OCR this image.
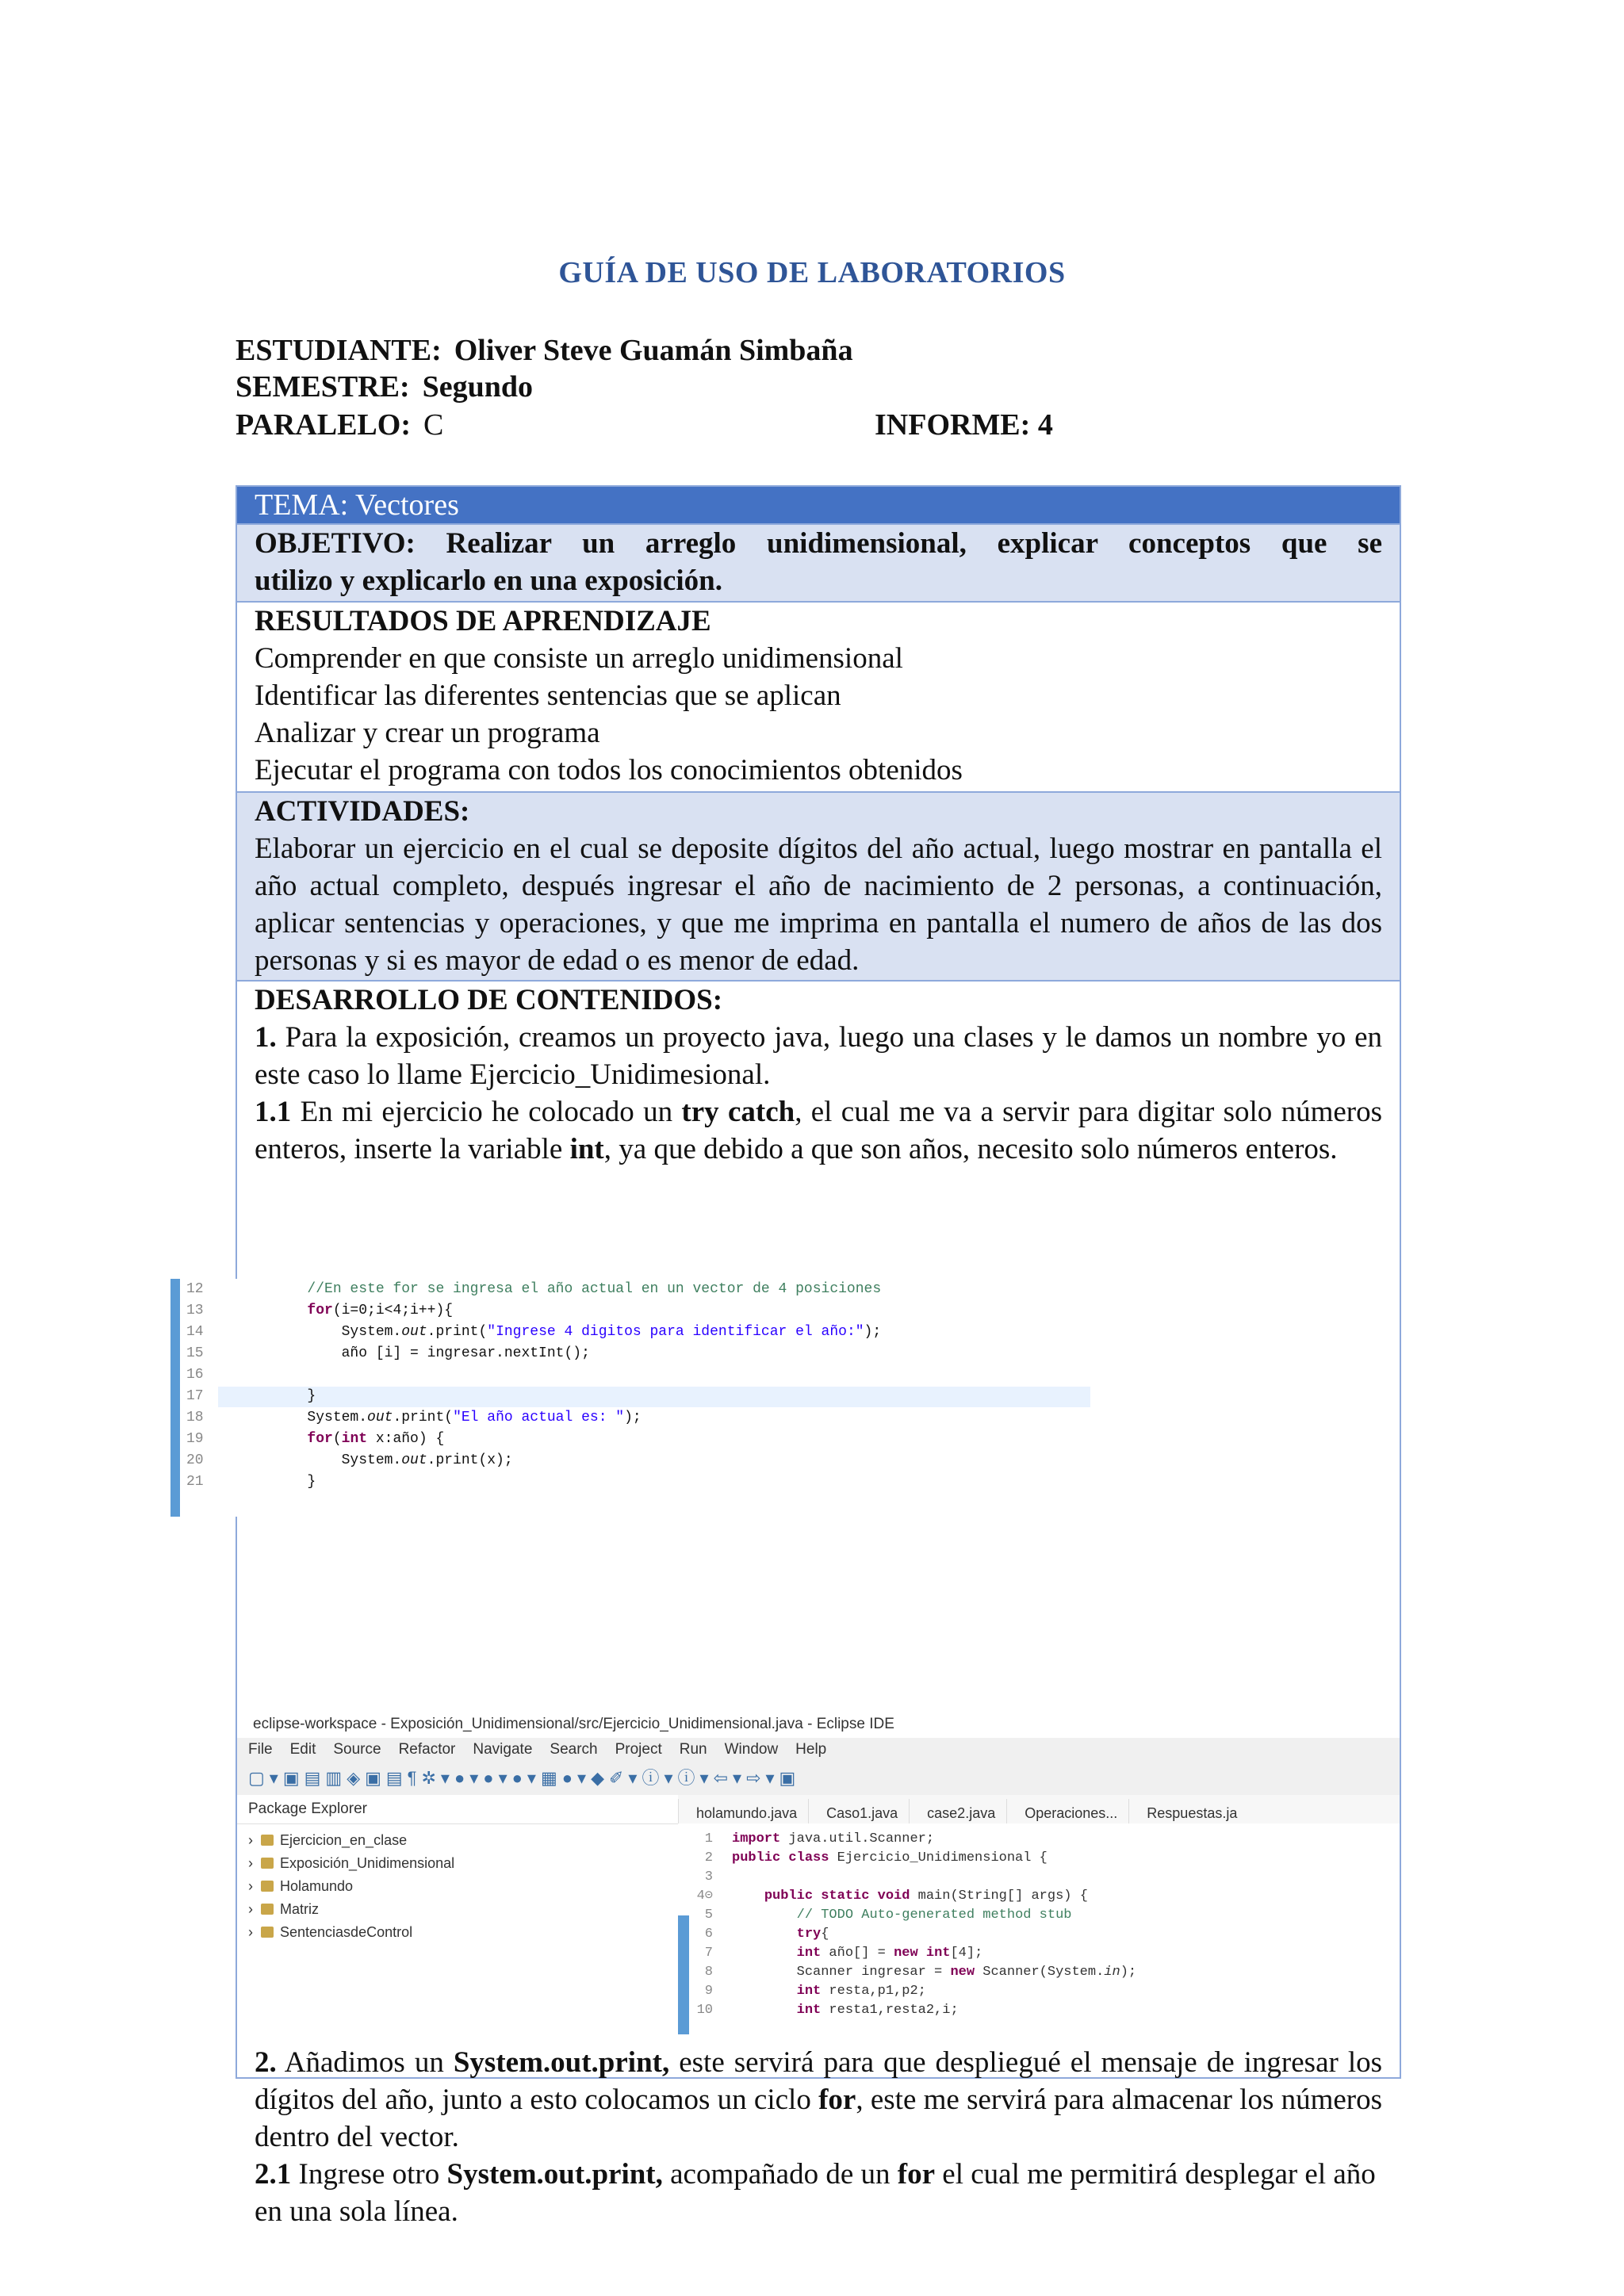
GUÍA DE USO DE LABORATORIOS
ESTUDIANTE: Oliver Steve Guamán Simbaña
SEMESTRE: Segundo
PARALELO: C	INFORME: 4
TEMA: Vectores

OBJETIVO: Realizar un arreglo unidimensional, explicar conceptos que se

utilizo y explicarlo en una exposición.

RESULTADOS DE APRENDIZAJE

Comprender en que consiste un arreglo unidimensional

Identificar las diferentes sentencias que se aplican

Analizar y crear un programa

Ejecutar el programa con todos los conocimientos obtenidos

ACTIVIDADES:

Elaborar un ejercicio en el cual se deposite dígitos del año actual, luego mostrar en pantalla el año actual completo, después ingresar el año de nacimiento de 2 personas, a continuación, aplicar sentencias y operaciones, y que me imprima en pantalla el numero de años de las dos personas y si es mayor de edad o es menor de edad.

DESARROLLO DE CONTENIDOS:

1. Para la exposición, creamos un proyecto java, luego una clases y le damos un nombre yo en este caso lo llame Ejercicio_Unidimesional.

1.1 En mi ejercicio he colocado un try catch, el cual me va a servir para digitar solo números enteros, inserte la variable int, ya que debido a que son años, necesito solo números enteros.

eclipse-workspace - Exposición_Unidimensional/src/Ejercicio_Unidimensional.java - Eclipse IDE
File Edit Source Refactor Navigate Search Project Run Window Help
▢▾▣▤▥◈▣▤¶✲▾●▾●▾●▾▦●▾◆✐▾ⓘ▾ⓘ▾⇦▾⇨▾▣
Package Explorer
› Ejercicion_en_clase
› Exposición_Unidimensional
› Holamundo
› Matriz
› SentenciasdeControl
holamundo.java Caso1.java case2.java Operaciones... Respuestas.ja
1 import java.util.Scanner;
2 public class Ejercicio_Unidimensional {
3
4⊝	public static void main(String[] args) {
5	// TODO Auto-generated method stub
6	try{
7	int año[] = new int[4];
8        Scanner ingresar = new Scanner(System.in);
9	int resta,p1,p2;
10	int resta1,resta2,i;

2. Añadimos un System.out.print, este servirá para que despliegué el mensaje de ingresar los dígitos del año, junto a esto colocamos un ciclo for, este me servirá para almacenar los números dentro del vector.

2.1 Ingrese otro System.out.print, acompañado de un for el cual me permitirá desplegar el año en una sola línea.

12	//En este for se ingresa el año actual en un vector de 4 posiciones
13	for(i=0;i<4;i++){
14            System.out.print("Ingrese 4 digitos para identificar el año:");
15	año [i] = ingresar.nextInt();
16
17	}
18        System.out.print("El año actual es: ");
19	for(int x:año) {
20            System.out.print(x);
21        }
